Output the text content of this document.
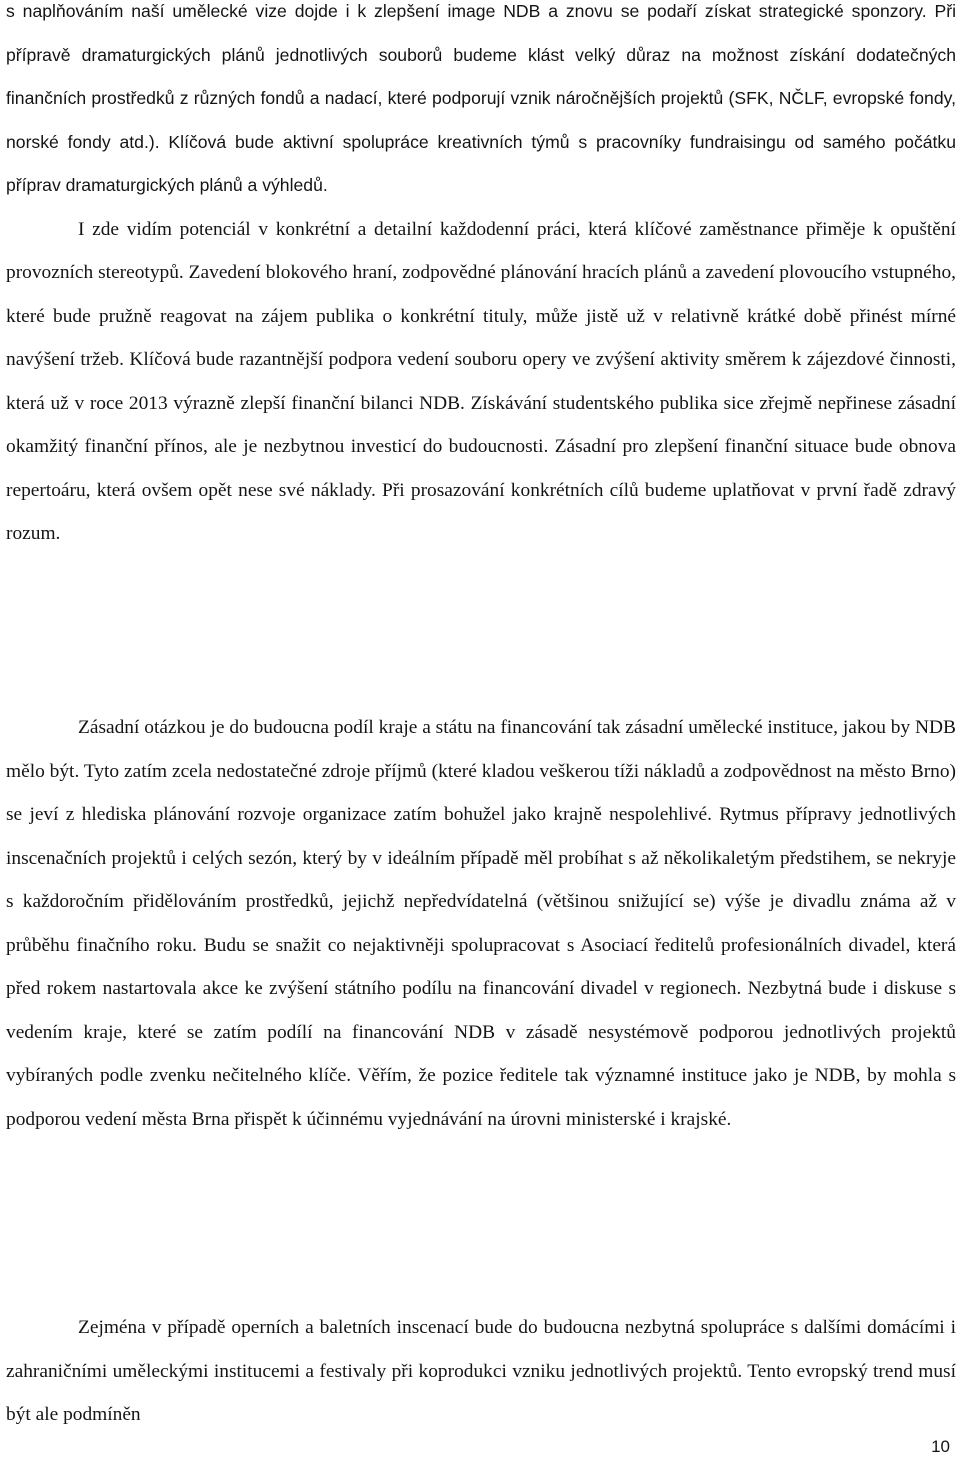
s naplňováním naší umělecké vize dojde i k zlepšení image NDB a znovu se podaří získat strategické sponzory. Při přípravě dramaturgických plánů jednotlivých souborů budeme klást velký důraz na možnost získání dodatečných finančních prostředků z různých fondů a nadací, které podporují vznik náročnějších projektů (SFK, NČLF, evropské fondy, norské fondy atd.). Klíčová bude aktivní spolupráce kreativních týmů s pracovníky fundraisingu od samého počátku příprav dramaturgických plánů a výhledů.
I zde vidím potenciál v konkrétní a detailní každodenní práci, která klíčové zaměstnance přiměje k opuštění provozních stereotypů. Zavedení blokového hraní, zodpovědné plánování hracích plánů a zavedení plovoucího vstupného, které bude pružně reagovat na zájem publika o konkrétní tituly, může jistě už v relativně krátké době přinést mírné navýšení tržeb. Klíčová bude razantnější podpora vedení souboru opery ve zvýšení aktivity směrem k zájezdové činnosti, která už v roce 2013 výrazně zlepší finanční bilanci NDB. Získávání studentského publika sice zřejmě nepřinese zásadní okamžitý finanční přínos, ale je nezbytnou investicí do budoucnosti. Zásadní pro zlepšení finanční situace bude obnova repertoáru, která ovšem opět nese své náklady. Při prosazování konkrétních cílů budeme uplatňovat v první řadě zdravý rozum.

Zásadní otázkou je do budoucna podíl kraje a státu na financování tak zásadní umělecké instituce, jakou by NDB mělo být. Tyto zatím zcela nedostatečné zdroje příjmů (které kladou veškerou tíži nákladů a zodpovědnost na město Brno) se jeví z hlediska plánování rozvoje organizace zatím bohužel jako krajně nespolehlivé. Rytmus přípravy jednotlivých inscenačních projektů i celých sezón, který by v ideálním případě měl probíhat s až několikaletým předstihem, se nekryje s každoročním přidělováním prostředků, jejichž nepředvídatelná (většinou snižující se) výše je divadlu známa až v průběhu finačního roku. Budu se snažit co nejaktivněji spolupracovat s Asociací ředitelů profesionálních divadel, která před rokem nastartovala akce ke zvýšení státního podílu na financování divadel v regionech. Nezbytná bude i diskuse s vedením kraje, které se zatím podílí na financování NDB v zásadě nesystémově podporou jednotlivých projektů vybíraných podle zvenku nečitelného klíče. Věřím, že pozice ředitele tak významné instituce jako je NDB, by mohla s podporou vedení města Brna přispět k účinnému vyjednávání na úrovni ministerské i krajské.

Zejména v případě operních a baletních inscenací bude do budoucna nezbytná spolupráce s dalšími domácími i zahraničními uměleckými institucemi a festivaly při koprodukci vzniku jednotlivých projektů. Tento evropský trend musí být ale podmíněn

10
